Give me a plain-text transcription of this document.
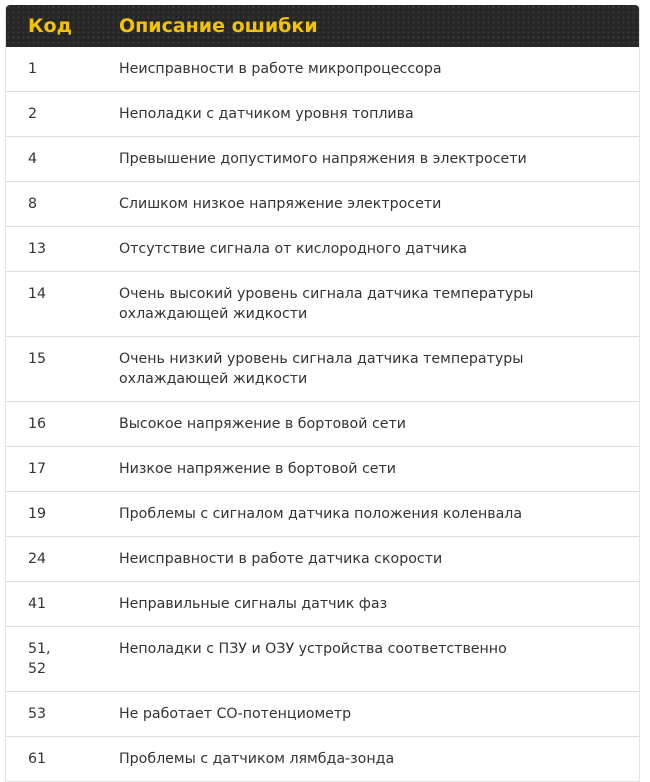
Код	Описание ошибки
1	Неисправности в работе микропроцессора
2	Неполадки с датчиком уровня топлива
4	Превышение допустимого напряжения в электросети
8	Слишком низкое напряжение электросети
13	Отсутствие сигнала от кислородного датчика
14	Очень высокий уровень сигнала датчика температуры охлаждающей жидкости
15	Очень низкий уровень сигнала датчика температуры охлаждающей жидкости
16	Высокое напряжение в бортовой сети
17	Низкое напряжение в бортовой сети
19	Проблемы с сигналом датчика положения коленвала
24	Неисправности в работе датчика скорости
41	Неправильные сигналы датчик фаз
51, 52	Неполадки с ПЗУ и ОЗУ устройства соответственно
53	Не работает СО-потенциометр
61	Проблемы с датчиком лямбда-зонда
